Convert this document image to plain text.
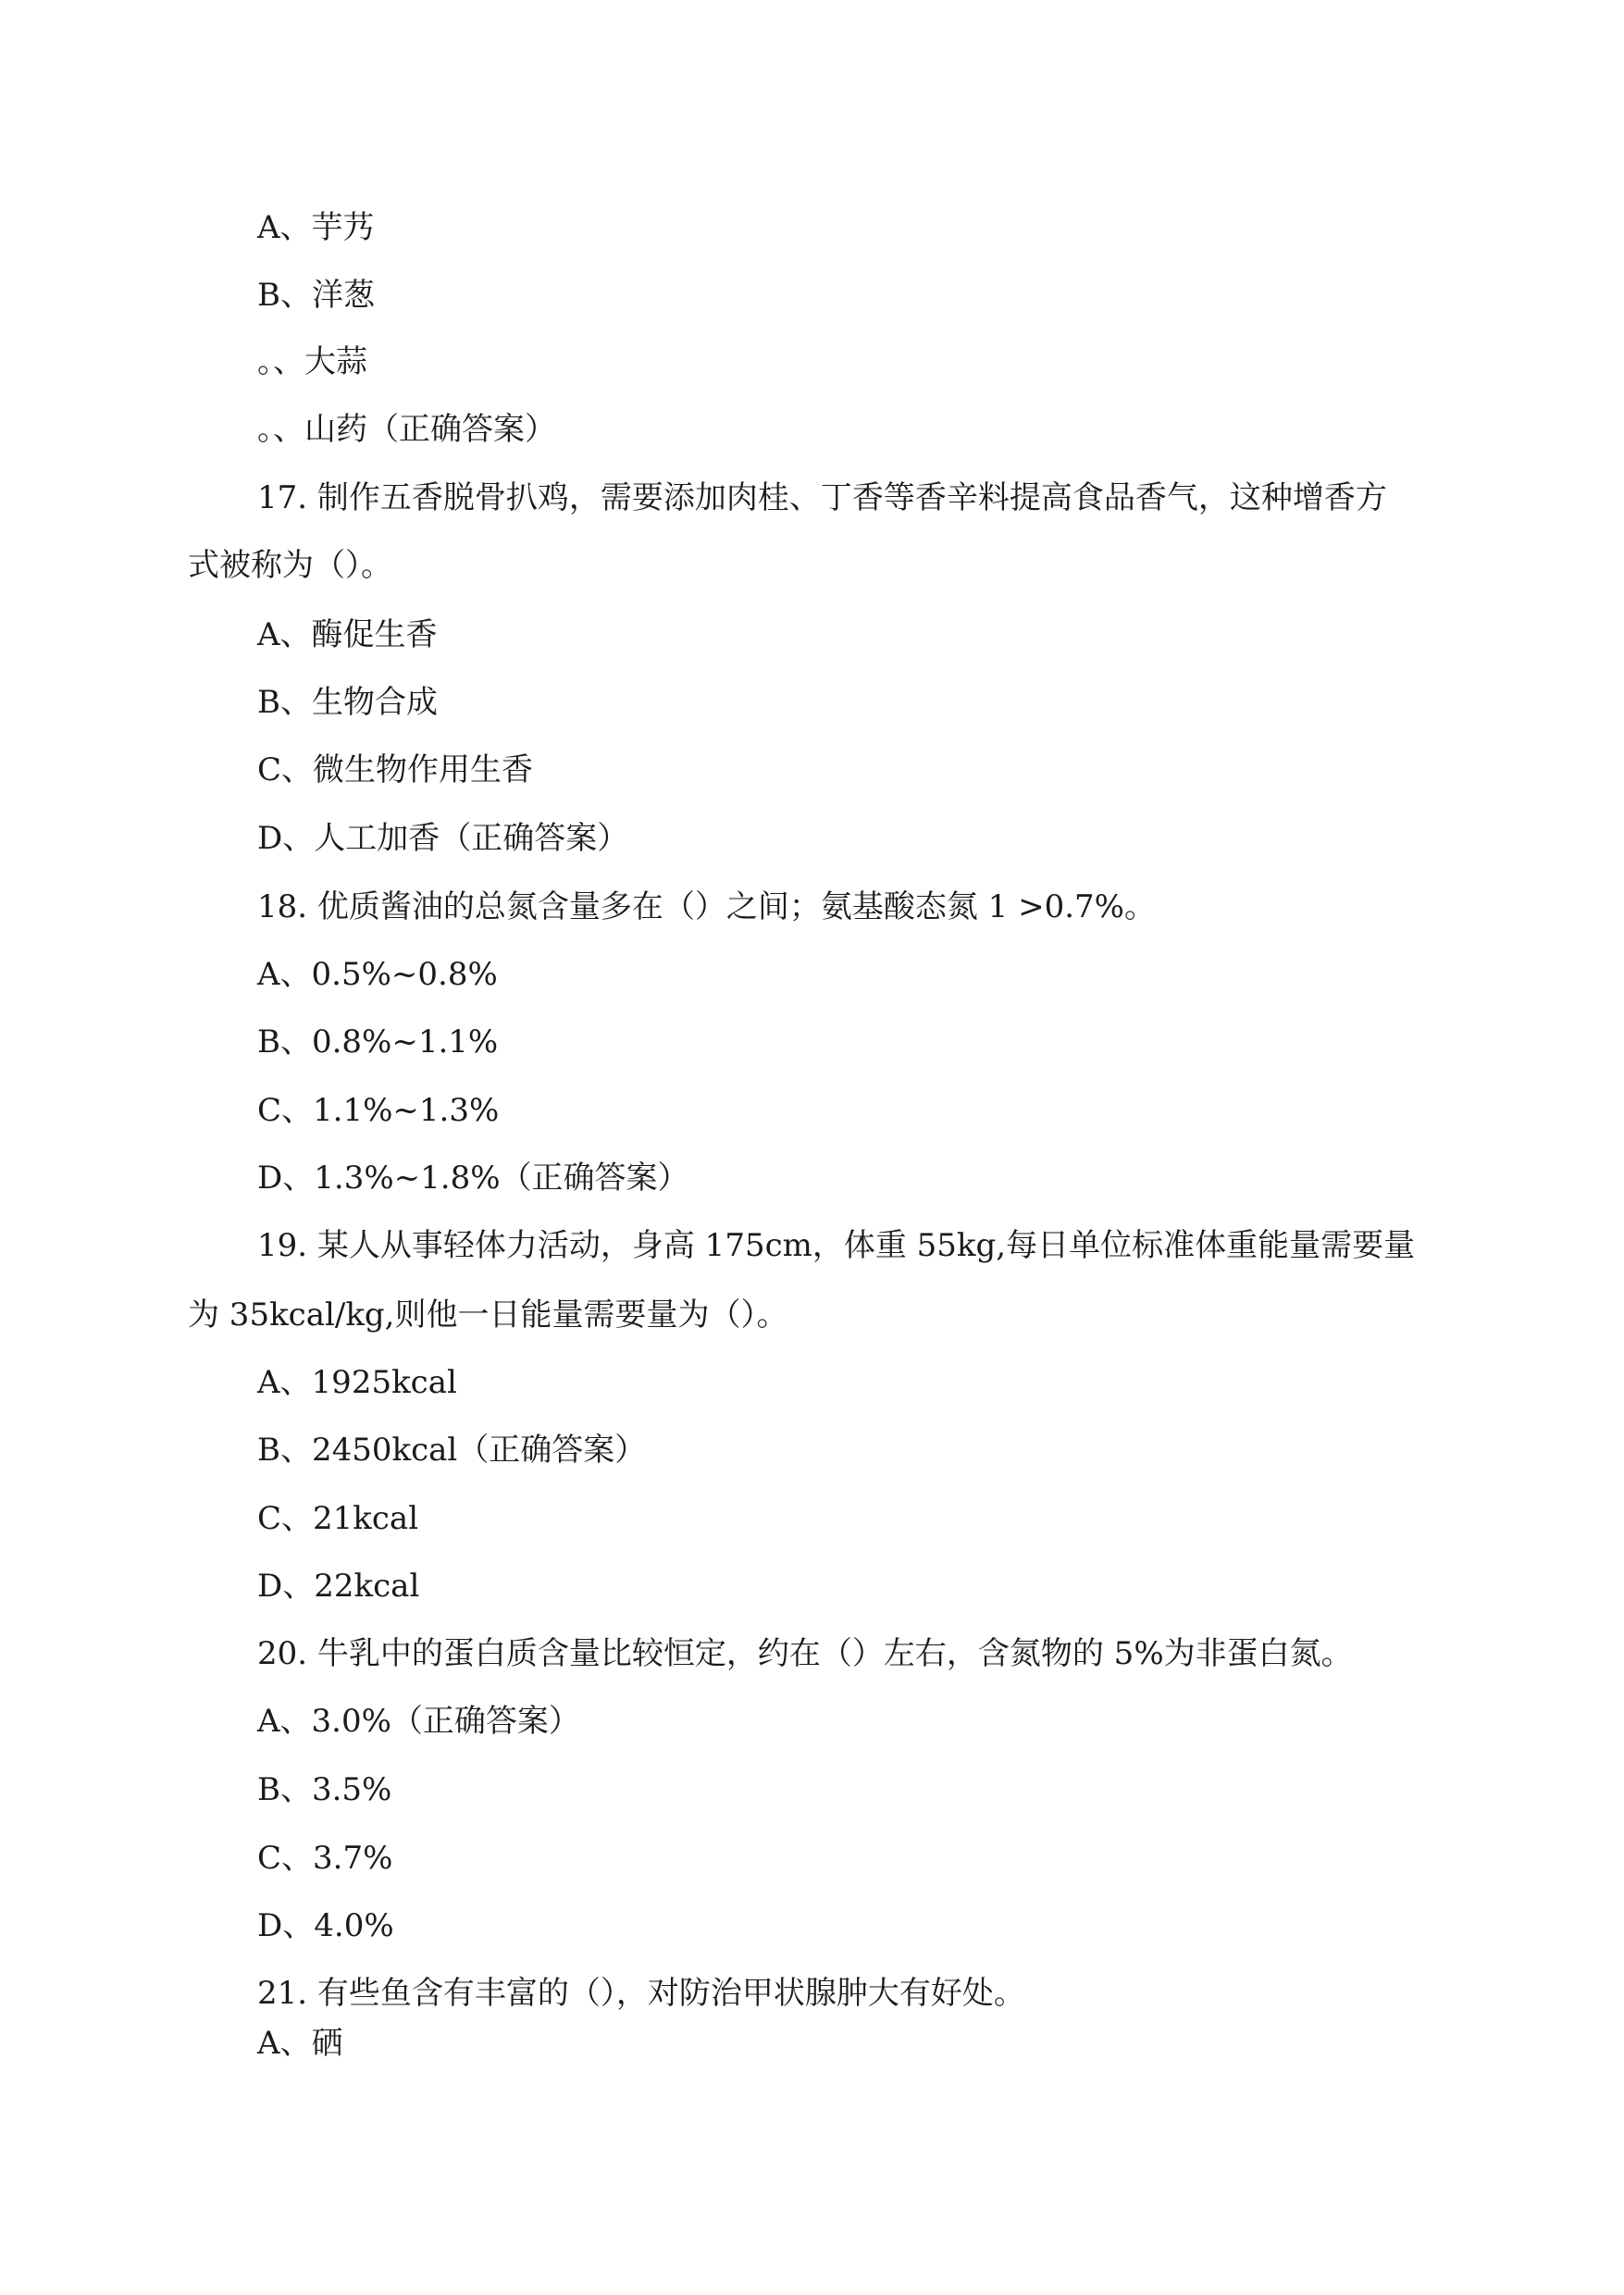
A、芋艿
B、洋葱
。、大蒜
。、山药（正确答案）
17. 制作五香脱骨扒鸡，需要添加肉桂、丁香等香辛料提高食品香气，这种增香方
式被称为（）。
A、酶促生香
B、生物合成
C、微生物作用生香
D、人工加香（正确答案）
18. 优质酱油的总氮含量多在（）之间；氨基酸态氮 1 >0.7%。
A、0.5%~0.8%
B、0.8%~1.1%
C、1.1%~1.3%
D、1.3%~1.8%（正确答案）
19. 某人从事轻体力活动，身高 175cm，体重 55kg,每日单位标准体重能量需要量
为 35kcal/kg,则他一日能量需要量为（）。
A、1925kcal
B、2450kcal（正确答案）
C、21kcal
D、22kcal
20. 牛乳中的蛋白质含量比较恒定，约在（）左右，含氮物的 5%为非蛋白氮。
A、3.0%（正确答案）
B、3.5%
C、3.7%
D、4.0%
21. 有些鱼含有丰富的（），对防治甲状腺肿大有好处。
A、硒
